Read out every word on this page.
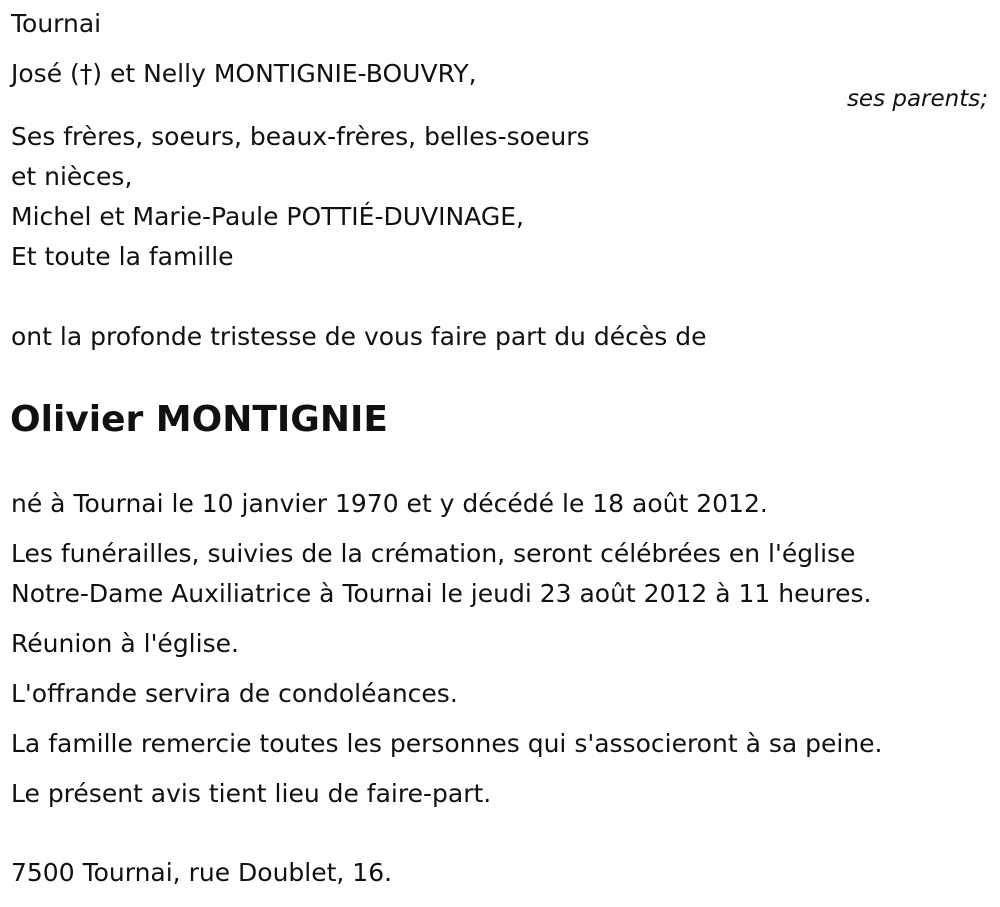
Tournai
José (†) et Nelly MONTIGNIE-BOUVRY,
ses parents;
Ses frères, soeurs, beaux-frères, belles-soeurs
et nièces,
Michel et Marie-Paule POTTIÉ-DUVINAGE,
Et toute la famille
ont la profonde tristesse de vous faire part du décès de
Olivier MONTIGNIE
né à Tournai le 10 janvier 1970 et y décédé le 18 août 2012.
Les funérailles, suivies de la crémation, seront célébrées en l'église
Notre-Dame Auxiliatrice à Tournai le jeudi 23 août 2012 à 11 heures.
Réunion à l'église.
L'offrande servira de condoléances.
La famille remercie toutes les personnes qui s'associeront à sa peine.
Le présent avis tient lieu de faire-part.
7500 Tournai, rue Doublet, 16.
